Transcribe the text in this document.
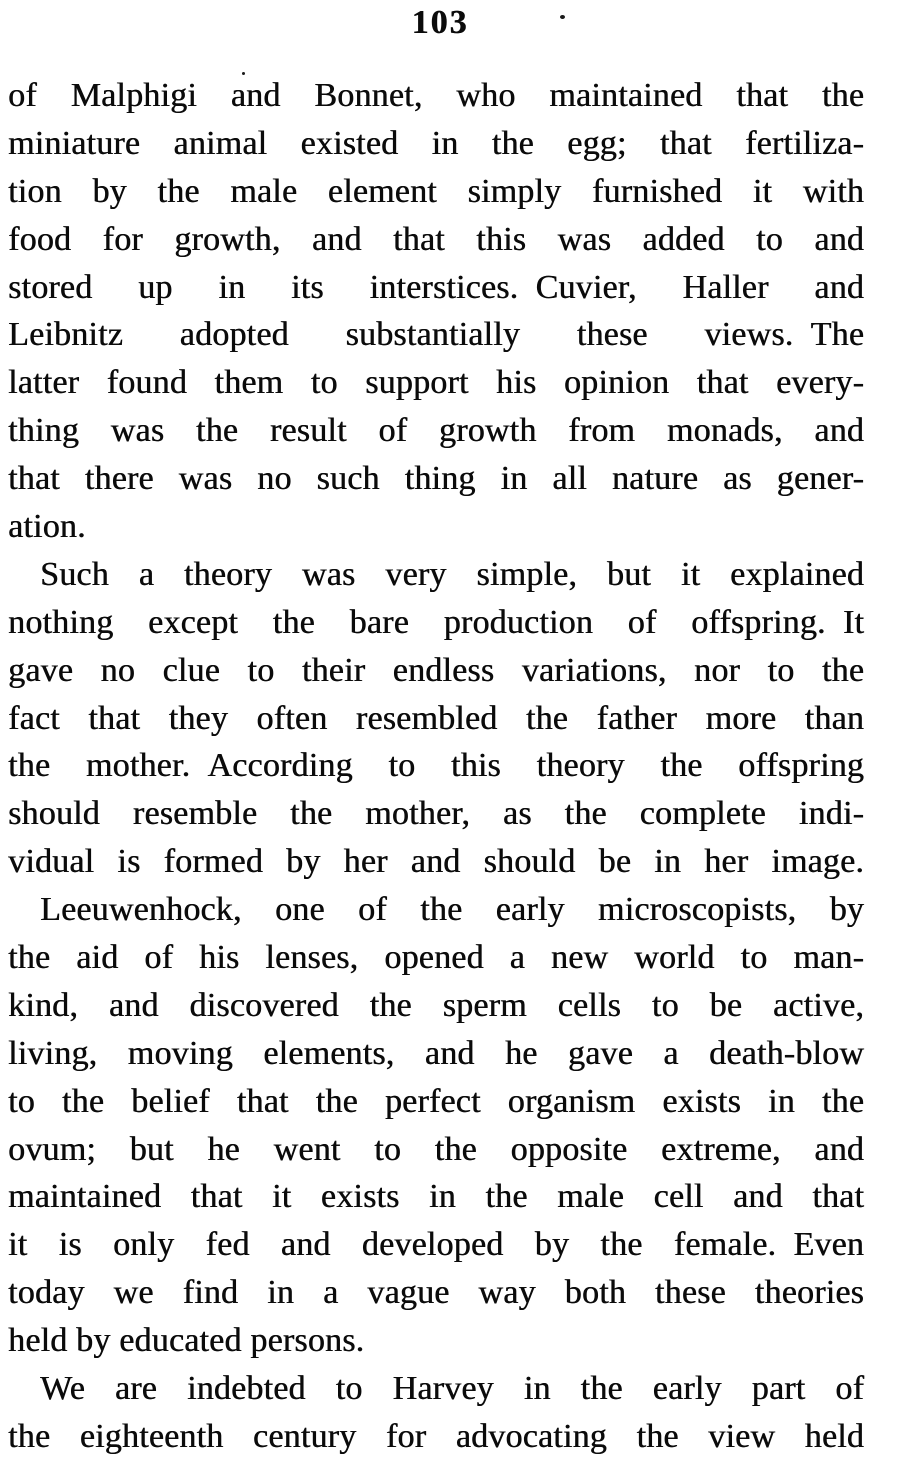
103
of Malphigi and Bonnet, who maintained that the
miniature animal existed in the egg; that fertiliza-
tion by the male element simply furnished it with
food for growth, and that this was added to and
stored up in its interstices. Cuvier, Haller and
Leibnitz adopted substantially these views. The
latter found them to support his opinion that every-
thing was the result of growth from monads, and
that there was no such thing in all nature as gener-
ation.
Such a theory was very simple, but it explained
nothing except the bare production of offspring. It
gave no clue to their endless variations, nor to the
fact that they often resembled the father more than
the mother. According to this theory the offspring
should resemble the mother, as the complete indi-
vidual is formed by her and should be in her image.
Leeuwenhock, one of the early microscopists, by
the aid of his lenses, opened a new world to man-
kind, and discovered the sperm cells to be active,
living, moving elements, and he gave a death-blow
to the belief that the perfect organism exists in the
ovum; but he went to the opposite extreme, and
maintained that it exists in the male cell and that
it is only fed and developed by the female. Even
today we find in a vague way both these theories
held by educated persons.
We are indebted to Harvey in the early part of
the eighteenth century for advocating the view held
